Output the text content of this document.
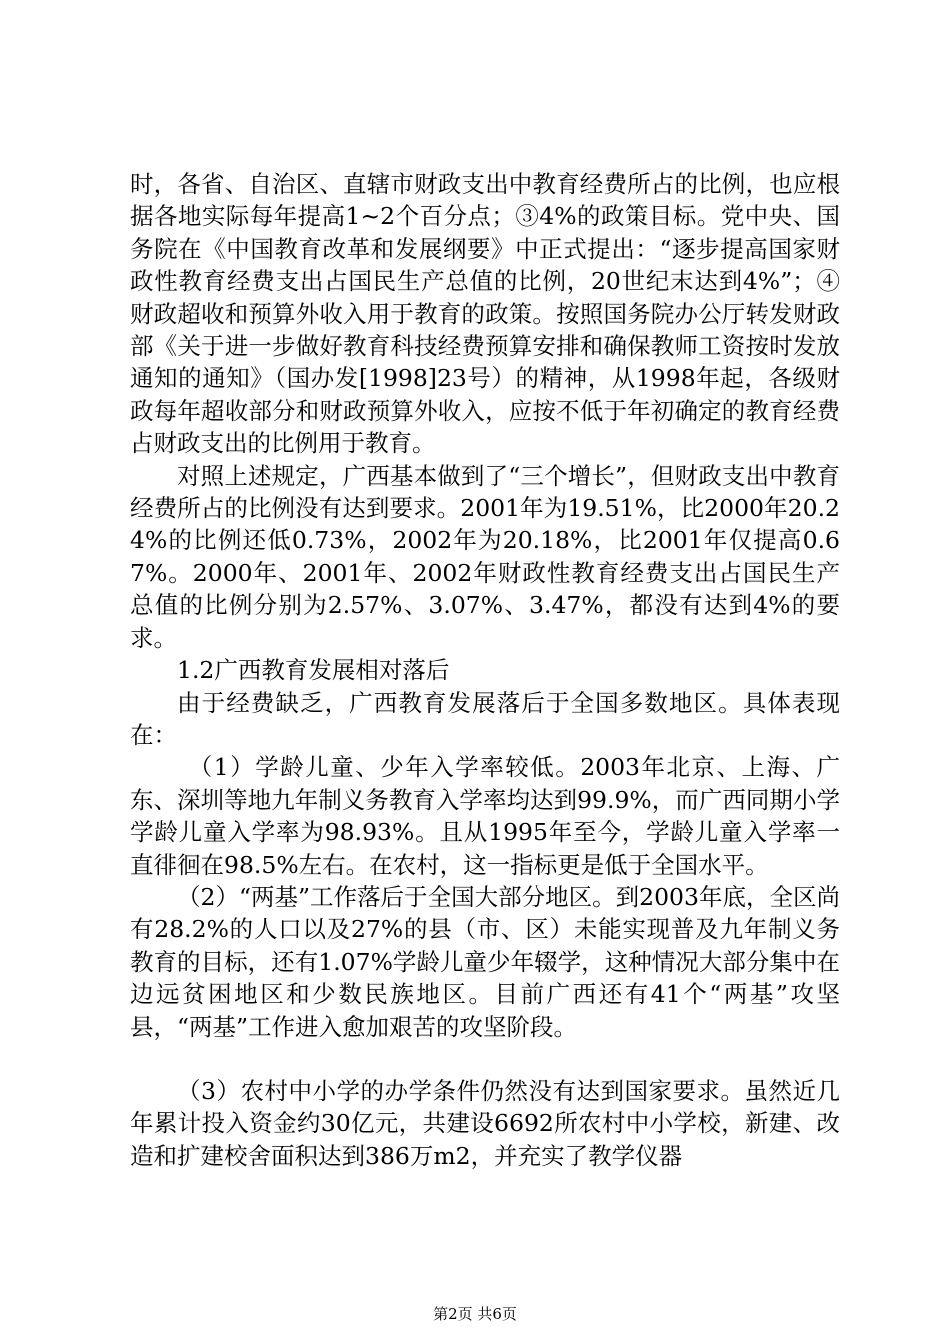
时，各省、自治区、直辖市财政支出中教育经费所占的比例，也应根据各地实际每年提高1~2个百分点；③4%的政策目标。党中央、国务院在《中国教育改革和发展纲要》中正式提出：“逐步提高国家财政性教育经费支出占国民生产总值的比例，20世纪末达到4%”；④财政超收和预算外收入用于教育的政策。按照国务院办公厅转发财政部《关于进一步做好教育科技经费预算安排和确保教师工资按时发放通知的通知》（国办发[1998]23号）的精神，从1998年起，各级财政每年超收部分和财政预算外收入，应按不低于年初确定的教育经费占财政支出的比例用于教育。

对照上述规定，广西基本做到了“三个增长”，但财政支出中教育经费所占的比例没有达到要求。2001年为19.51%，比2000年20.24%的比例还低0.73%，2002年为20.18%，比2001年仅提高0.67%。2000年、2001年、2002年财政性教育经费支出占国民生产总值的比例分别为2.57%、3.07%、3.47%，都没有达到4%的要求。

1.2广西教育发展相对落后

由于经费缺乏，广西教育发展落后于全国多数地区。具体表现在：

（1）学龄儿童、少年入学率较低。2003年北京、上海、广东、深圳等地九年制义务教育入学率均达到99.9%，而广西同期小学学龄儿童入学率为98.93%。且从1995年至今，学龄儿童入学率一直徘徊在98.5%左右。在农村，这一指标更是低于全国水平。

（2）“两基”工作落后于全国大部分地区。到2003年底，全区尚有28.2%的人口以及27%的县（市、区）未能实现普及九年制义务教育的目标，还有1.07%学龄儿童少年辍学，这种情况大部分集中在边远贫困地区和少数民族地区。目前广西还有41个“两基”攻坚县，“两基”工作进入愈加艰苦的攻坚阶段。

（3）农村中小学的办学条件仍然没有达到国家要求。虽然近几年累计投入资金约30亿元，共建设6692所农村中小学校，新建、改造和扩建校舍面积达到386万m2，并充实了教学仪器

第2页 共6页
